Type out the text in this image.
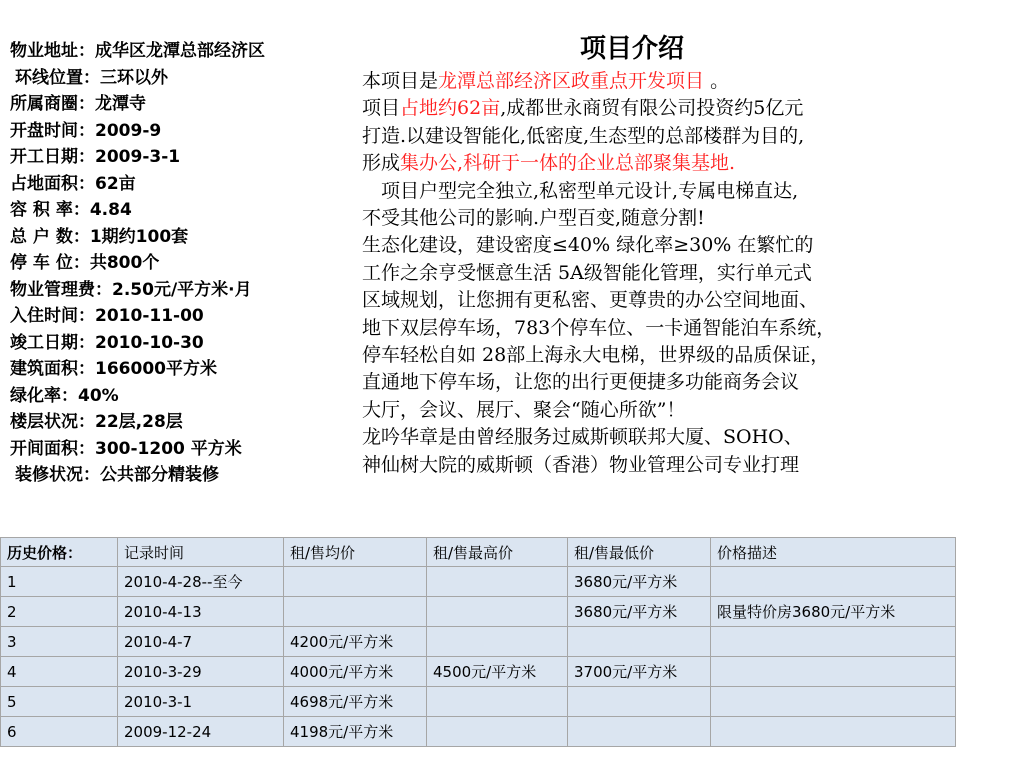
物业地址：成华区龙潭总部经济区
环线位置：三环以外
所属商圈：龙潭寺
开盘时间：2009-9
开工日期：2009-3-1
占地面积：62亩
容 积 率：4.84
总 户 数：1期约100套
停 车 位：共800个
物业管理费：2.50元/平方米·月
入住时间：2010-11-00
竣工日期：2010-10-30
建筑面积：166000平方米
绿化率：40%
楼层状况：22层,28层
开间面积：300-1200 平方米
装修状况：公共部分精装修
项目介绍
本项目是龙潭总部经济区政重点开发项目 。
项目占地约62亩,成都世永商贸有限公司投资约5亿元
打造.以建设智能化,低密度,生态型的总部楼群为目的,
形成集办公,科研于一体的企业总部聚集基地.
　项目户型完全独立,私密型单元设计,专属电梯直达,
不受其他公司的影响.户型百变,随意分割!
生态化建设，建设密度≤40% 绿化率≥30% 在繁忙的
工作之余亨受惬意生活 5A级智能化管理，实行单元式
区域规划，让您拥有更私密、更尊贵的办公空间地面、
地下双层停车场，783个停车位、一卡通智能泊车系统，
停车轻松自如 28部上海永大电梯，世界级的品质保证，
直通地下停车场，让您的出行更便捷多功能商务会议
大厅，会议、展厅、聚会“随心所欲”！
龙吟华章是由曾经服务过威斯顿联邦大厦、SOHO、
神仙树大院的威斯顿（香港）物业管理公司专业打理
历史价格：	记录时间	租/售均价	租/售最高价	租/售最低价	价格描述
1	2010-4-28--至今			3680元/平方米	
2	2010-4-13			3680元/平方米	限量特价房3680元/平方米
3	2010-4-7	4200元/平方米			
4	2010-3-29	4000元/平方米	4500元/平方米	3700元/平方米	
5	2010-3-1	4698元/平方米			
6	2009-12-24	4198元/平方米			
